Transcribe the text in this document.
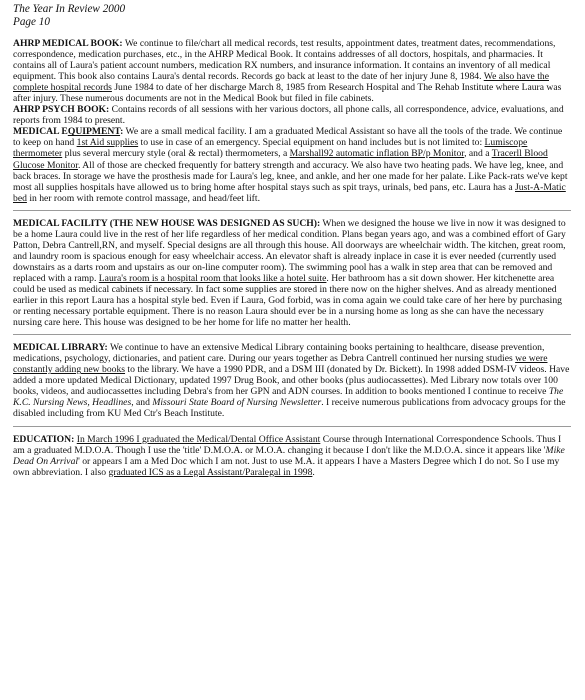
The Year In Review 2000
Page 10
AHRP MEDICAL BOOK: We continue to file/chart all medical records, test results, appointment dates, treatment dates, recommendations, correspondence, medication purchases, etc., in the AHRP Medical Book. It contains addresses of all doctors, hospitals, and pharmacies. It contains all of Laura's patient account numbers, medication RX numbers, and insurance information. It contains an inventory of all medical equipment. This book also contains Laura's dental records. Records go back at least to the date of her injury June 8, 1984. We also have the complete hospital records June 1984 to date of her discharge March 8, 1985 from Research Hospital and The Rehab Institute where Laura was after injury. These numerous documents are not in the Medical Book but filed in file cabinets.
AHRP PSYCH BOOK: Contains records of all sessions with her various doctors, all phone calls, all correspondence, advice, evaluations, and reports from 1984 to present.
MEDICAL EQUIPMENT: We are a small medical facility. I am a graduated Medical Assistant so have all the tools of the trade. We continue to keep on hand 1st Aid supplies to use in case of an emergency. Special equipment on hand includes but is not limited to: Lumiscope thermometer plus several mercury style (oral & rectal) thermometers, a Marshall92 automatic inflation BP/p Monitor, and a Tracerll Blood Glucose Monitor. All of those are checked frequently for battery strength and accuracy. We also have two heating pads. We have leg, knee, and back braces. In storage we have the prosthesis made for Laura's leg, knee, and ankle, and her one made for her palate. Like Pack-rats we've kept most all supplies hospitals have allowed us to bring home after hospital stays such as spit trays, urinals, bed pans, etc. Laura has a Just-A-Matic bed in her room with remote control massage, and head/feet lift.
MEDICAL FACILITY (THE NEW HOUSE WAS DESIGNED AS SUCH): When we designed the house we live in now it was designed to be a home Laura could live in the rest of her life regardless of her medical condition. Plans began years ago, and was a combined effort of Gary Patton, Debra Cantrell,RN, and myself. Special designs are all through this house. All doorways are wheelchair width. The kitchen, great room, and laundry room is spacious enough for easy wheelchair access. An elevator shaft is already inplace in case it is ever needed (currently used downstairs as a darts room and upstairs as our on-line computer room). The swimming pool has a walk in step area that can be removed and replaced with a ramp. Laura's room is a hospital room that looks like a hotel suite. Her bathroom has a sit down shower. Her kitchenette area could be used as medical cabinets if necessary. In fact some supplies are stored in there now on the higher shelves. And as already mentioned earlier in this report Laura has a hospital style bed. Even if Laura, God forbid, was in coma again we could take care of her here by purchasing or renting necessary portable equipment. There is no reason Laura should ever be in a nursing home as long as she can have the necessary nursing care here. This house was designed to be her home for life no matter her health.
MEDICAL LIBRARY: We continue to have an extensive Medical Library containing books pertaining to healthcare, disease prevention, medications, psychology, dictionaries, and patient care. During our years together as Debra Cantrell continued her nursing studies we were constantly adding new books to the library. We have a 1990 PDR, and a DSM III (donated by Dr. Bickett). In 1998 added DSM-IV videos. Have added a more updated Medical Dictionary, updated 1997 Drug Book, and other books (plus audiocassettes). Med Library now totals over 100 books, videos, and audiocassettes including Debra's from her GPN and ADN courses. In addition to books mentioned I continue to receive The K.C. Nursing News, Headlines, and Missouri State Board of Nursing Newsletter. I receive numerous publications from advocacy groups for the disabled including from KU Med Ctr's Beach Institute.
EDUCATION: In March 1996 I graduated the Medical/Dental Office Assistant Course through International Correspondence Schools. Thus I am a graduated M.D.O.A. Though I use the 'title' D.M.O.A. or M.O.A. changing it because I don't like the M.D.O.A. since it appears like 'Mike Dead On Arrival' or appears I am a Med Doc which I am not. Just to use M.A. it appears I have a Masters Degree which I do not. So I use my own abbreviation. I also graduated ICS as a Legal Assistant/Paralegal in 1998.
